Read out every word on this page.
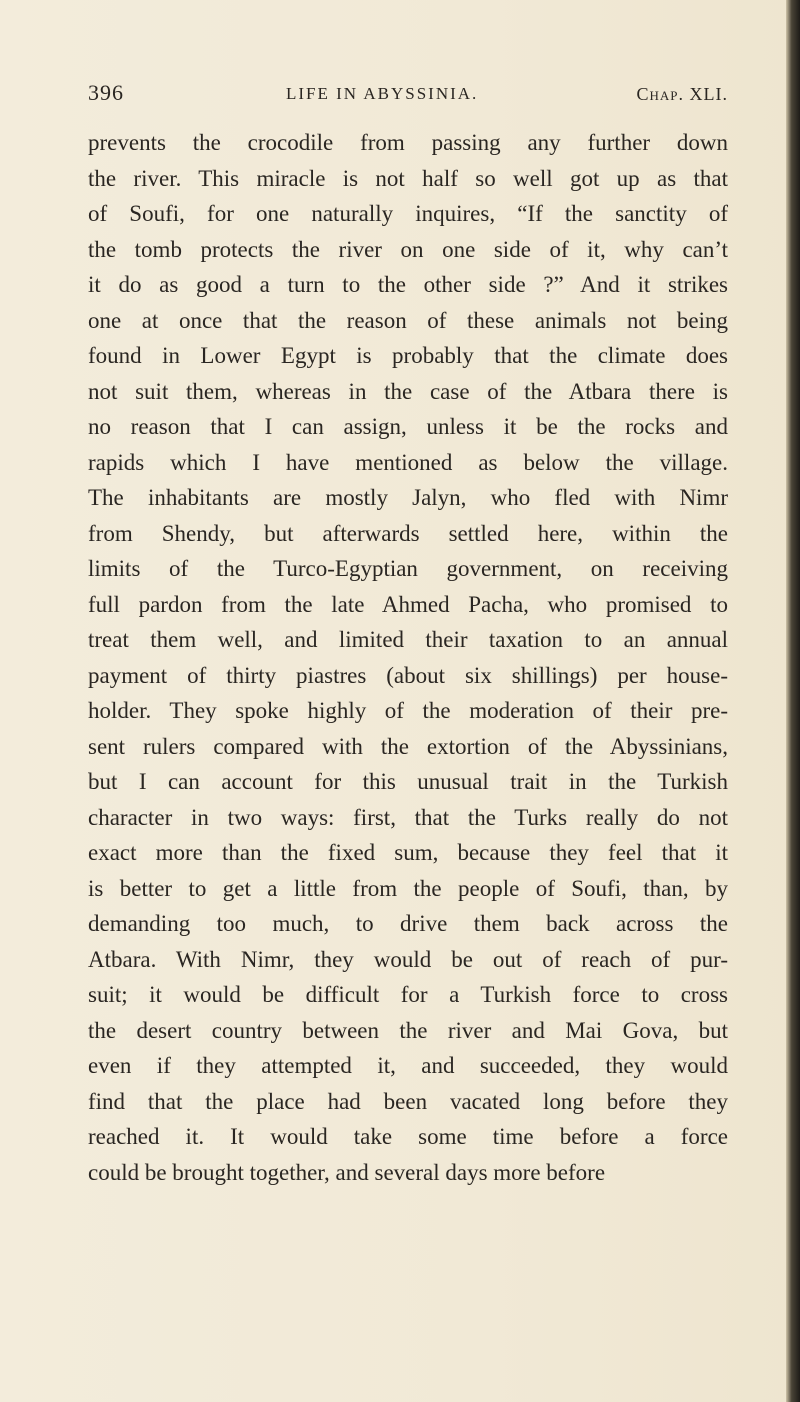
396	LIFE IN ABYSSINIA.	Chap. XLI.
prevents the crocodile from passing any further down
the river. This miracle is not half so well got up as that
of Soufi, for one naturally inquires, “If the sanctity of
the tomb protects the river on one side of it, why can’t
it do as good a turn to the other side ?” And it strikes
one at once that the reason of these animals not being
found in Lower Egypt is probably that the climate does
not suit them, whereas in the case of the Atbara there is
no reason that I can assign, unless it be the rocks and
rapids which I have mentioned as below the village.
The inhabitants are mostly Jalyn, who fled with Nimr
from Shendy, but afterwards settled here, within the
limits of the Turco-Egyptian government, on receiving
full pardon from the late Ahmed Pacha, who promised to
treat them well, and limited their taxation to an annual
payment of thirty piastres (about six shillings) per house-
holder. They spoke highly of the moderation of their pre-
sent rulers compared with the extortion of the Abyssinians,
but I can account for this unusual trait in the Turkish
character in two ways: first, that the Turks really do not
exact more than the fixed sum, because they feel that it
is better to get a little from the people of Soufi, than, by
demanding too much, to drive them back across the
Atbara. With Nimr, they would be out of reach of pur-
suit; it would be difficult for a Turkish force to cross
the desert country between the river and Mai Gova, but
even if they attempted it, and succeeded, they would
find that the place had been vacated long before they
reached it. It would take some time before a force
could be brought together, and several days more before
